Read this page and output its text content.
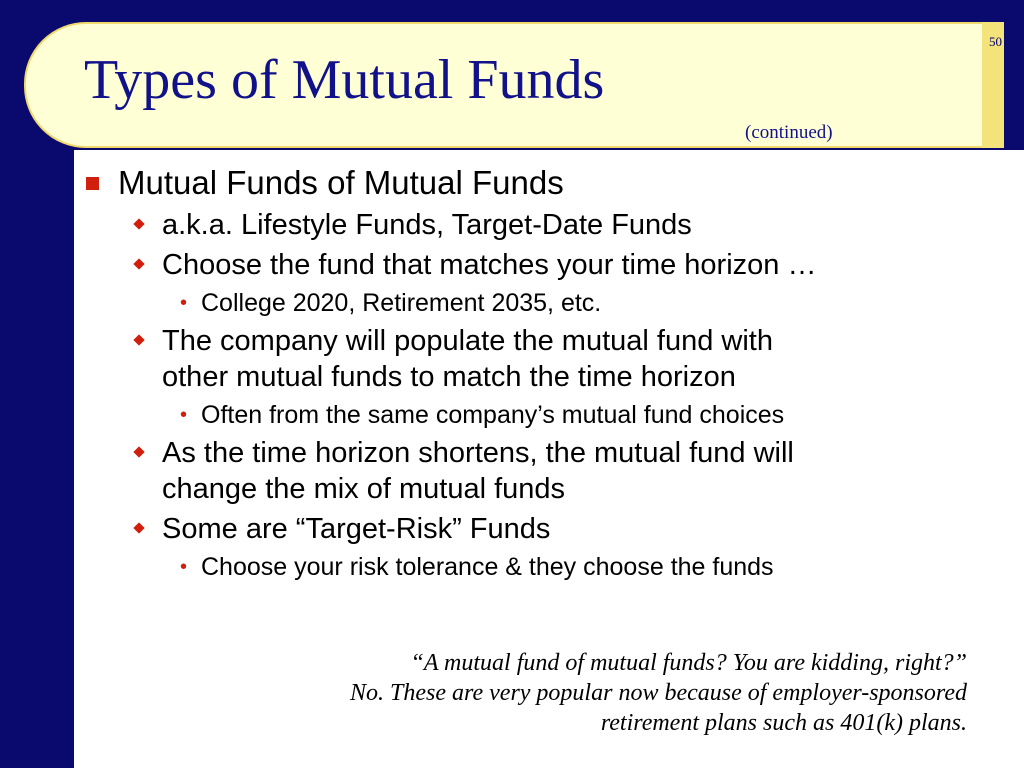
50
Types of Mutual Funds
(continued)
Mutual Funds of Mutual Funds
a.k.a. Lifestyle Funds, Target-Date Funds
Choose the fund that matches your time horizon …
• College 2020, Retirement 2035, etc.
The company will populate the mutual fund with
other mutual funds to match the time horizon
• Often from the same company’s mutual fund choices
As the time horizon shortens, the mutual fund will
change the mix of mutual funds
Some are “Target-Risk” Funds
• Choose your risk tolerance & they choose the funds
“A mutual fund of mutual funds? You are kidding, right?”
No. These are very popular now because of employer-sponsored
retirement plans such as 401(k) plans.
